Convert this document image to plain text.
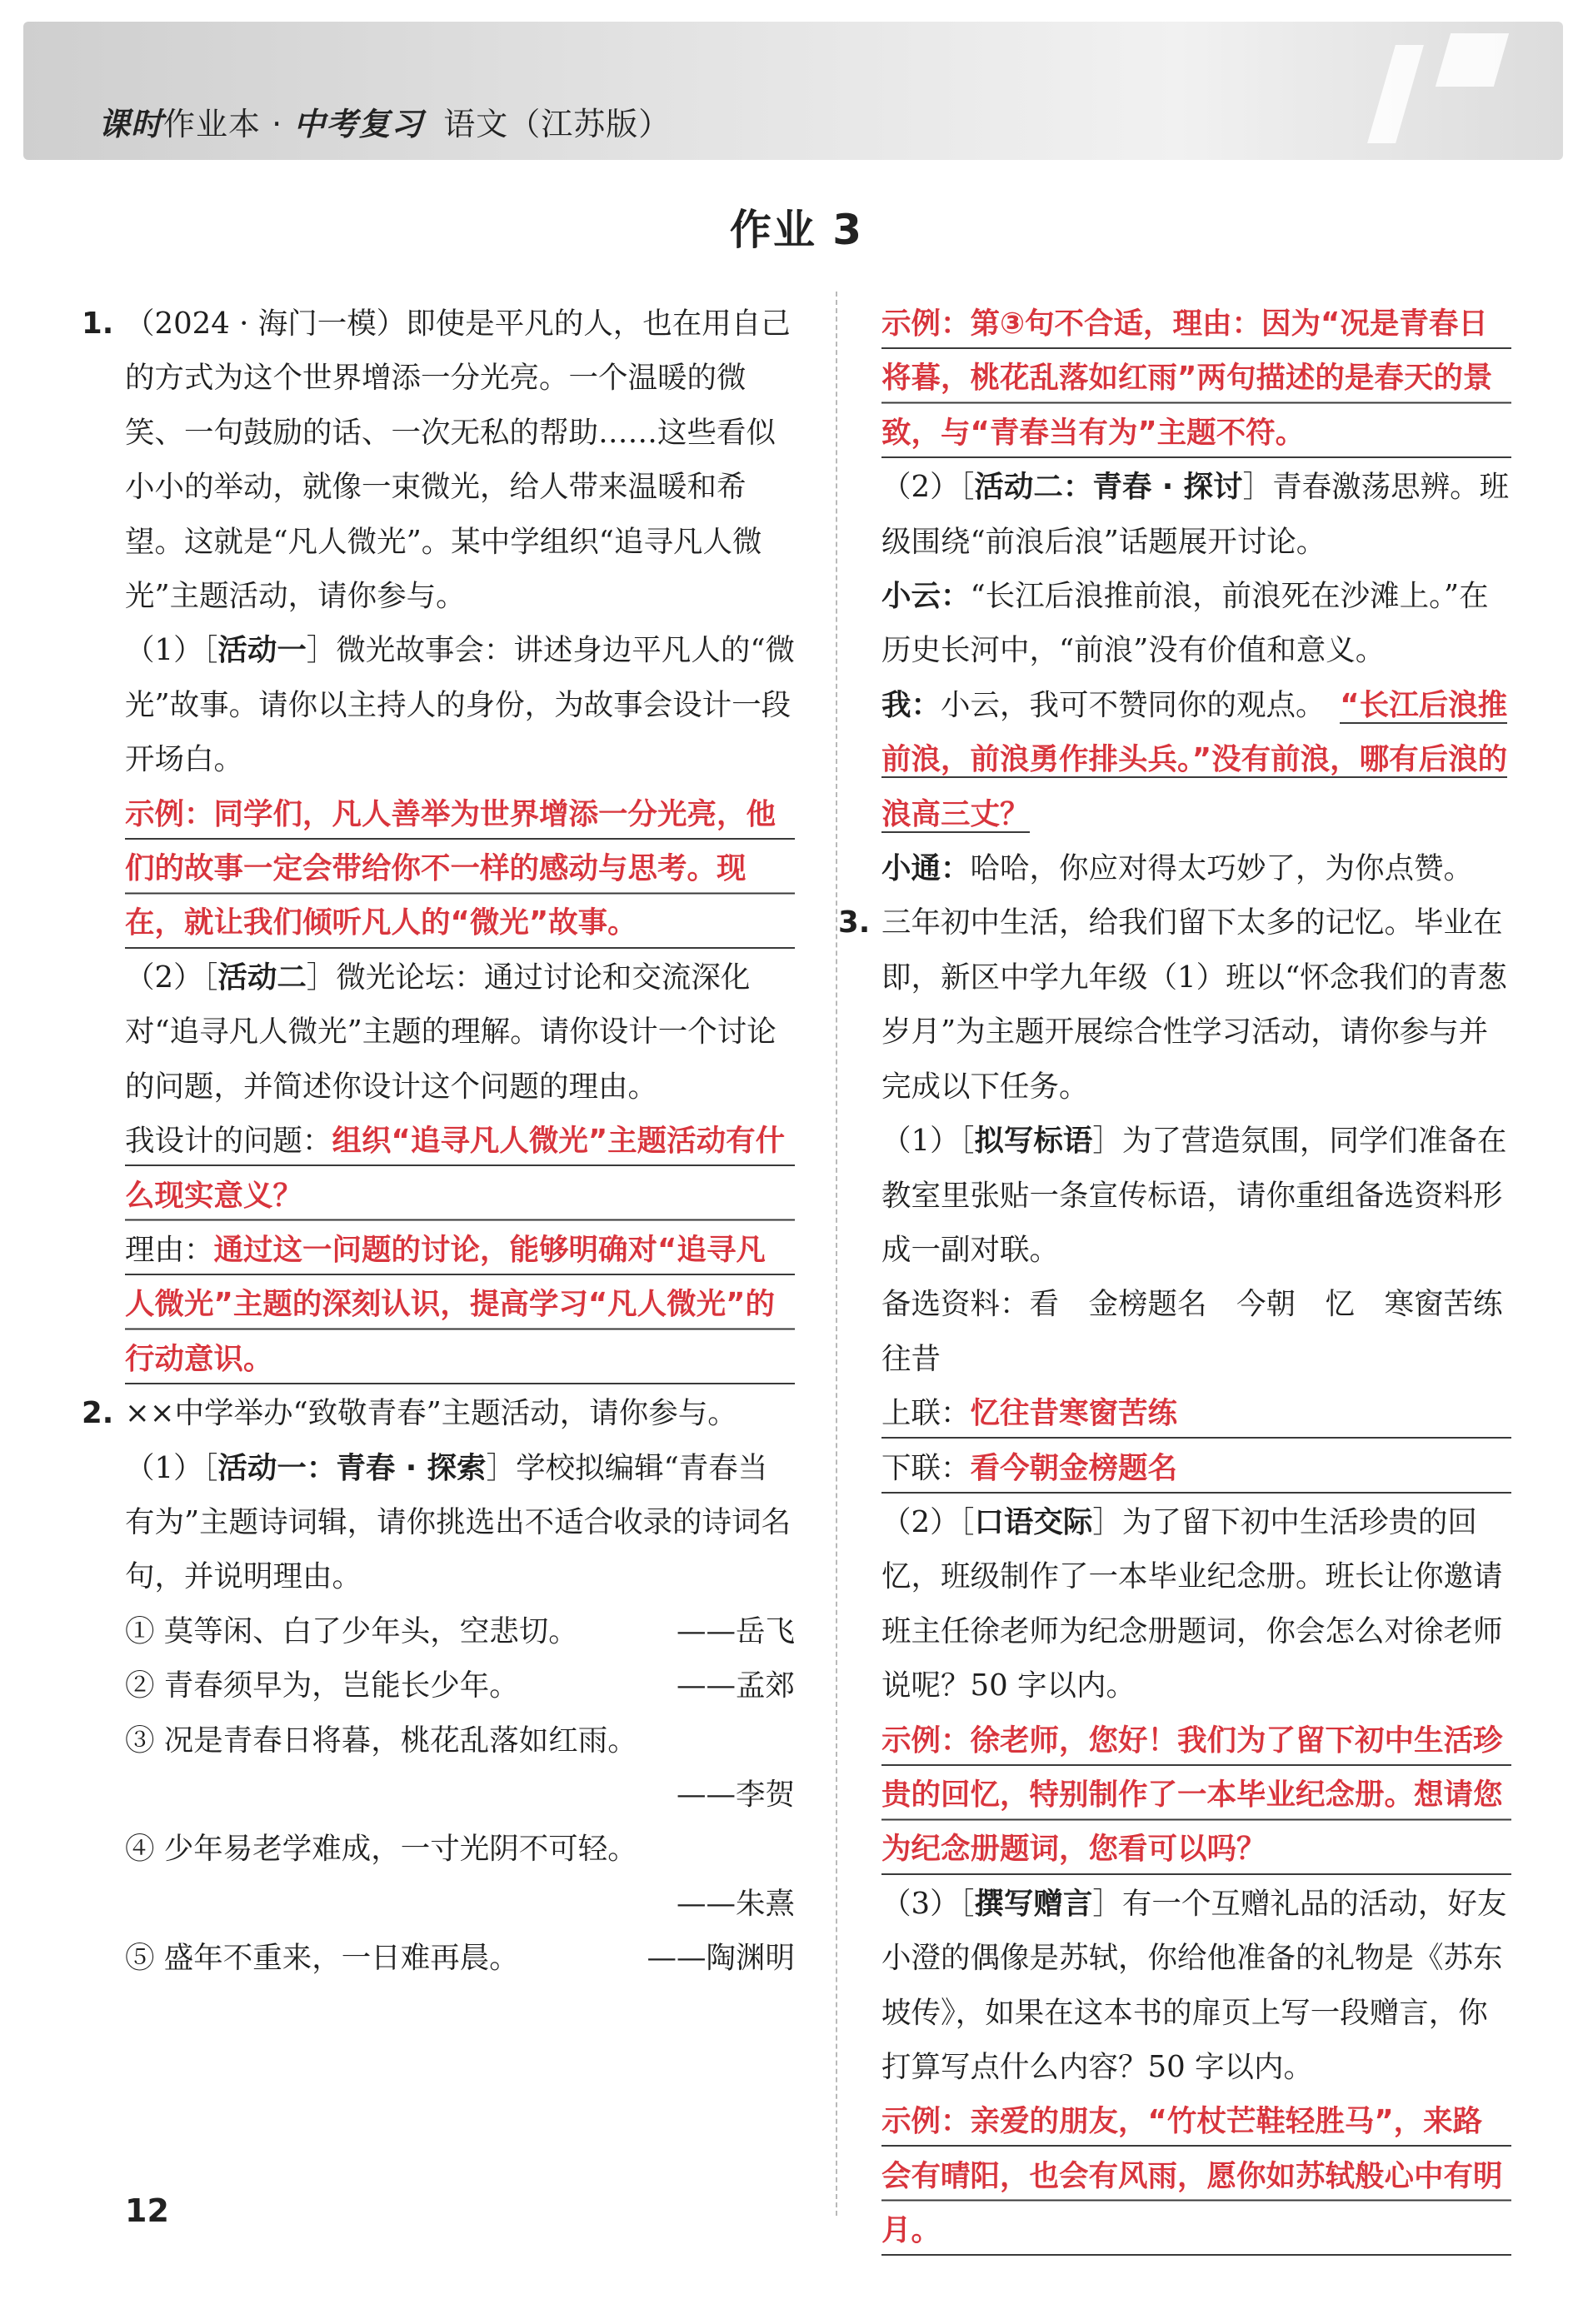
课时作业本 · 中考复习 语文（江苏版）
作业 3
1. （2024 · 海门一模）即使是平凡的人，也在用自己的方式为这个世界增添一分光亮。一个温暖的微笑、一句鼓励的话、一次无私的帮助……这些看似小小的举动，就像一束微光，给人带来温暖和希望。这就是“凡人微光”。某中学组织“追寻凡人微光”主题活动，请你参与。

（1）［活动一］微光故事会：讲述身边平凡人的“微光”故事。请你以主持人的身份，为故事会设计一段开场白。

示例：同学们，凡人善举为世界增添一分光亮，他们的故事一定会带给你不一样的感动与思考。现在，就让我们倾听凡人的“微光”故事。

（2）［活动二］微光论坛：通过讨论和交流深化对“追寻凡人微光”主题的理解。请你设计一个讨论的问题，并简述你设计这个问题的理由。

我设计的问题：组织“追寻凡人微光”主题活动有什么现实意义？

理由：通过这一问题的讨论，能够明确对“追寻凡人微光”主题的深刻认识，提高学习“凡人微光”的行动意识。

2. ××中学举办“致敬青春”主题活动，请你参与。

（1）［活动一：青春 · 探索］学校拟编辑“青春当有为”主题诗词辑，请你挑选出不适合收录的诗词名句，并说明理由。

① 莫等闲、白了少年头，空悲切。	——岳飞

② 青春须早为，岂能长少年。	——孟郊

③ 况是青春日将暮，桃花乱落如红雨。

——李贺

④ 少年易老学难成，一寸光阴不可轻。

——朱熹

⑤ 盛年不重来，一日难再晨。	——陶渊明

示例：第③句不合适，理由：因为“况是青春日将暮，桃花乱落如红雨”两句描述的是春天的景致，与“青春当有为”主题不符。

（2）［活动二：青春 · 探讨］青春激荡思辨。班级围绕“前浪后浪”话题展开讨论。

小云：“长江后浪推前浪，前浪死在沙滩上。”在历史长河中，“前浪”没有价值和意义。

我：小云，我可不赞同你的观点。　 “长江后浪推前浪，前浪勇作排头兵。”没有前浪，哪有后浪的浪高三丈？

小通：哈哈，你应对得太巧妙了，为你点赞。

3. 三年初中生活，给我们留下太多的记忆。毕业在即，新区中学九年级（1）班以“怀念我们的青葱岁月”为主题开展综合性学习活动，请你参与并完成以下任务。

（1）［拟写标语］为了营造氛围，同学们准备在教室里张贴一条宣传标语，请你重组备选资料形成一副对联。

备选资料：看　金榜题名　今朝　忆　寒窗苦练　往昔

上联：忆往昔寒窗苦练

下联：看今朝金榜题名

（2）［口语交际］为了留下初中生活珍贵的回忆，班级制作了一本毕业纪念册。班长让你邀请班主任徐老师为纪念册题词，你会怎么对徐老师说呢？50 字以内。

示例：徐老师，您好！我们为了留下初中生活珍贵的回忆，特别制作了一本毕业纪念册。想请您为纪念册题词，您看可以吗？

（3）［撰写赠言］有一个互赠礼品的活动，好友小澄的偶像是苏轼，你给他准备的礼物是《苏东坡传》，如果在这本书的扉页上写一段赠言，你打算写点什么内容？50 字以内。

示例：亲爱的朋友，“竹杖芒鞋轻胜马”，来路会有晴阳，也会有风雨，愿你如苏轼般心中有明月。

12
